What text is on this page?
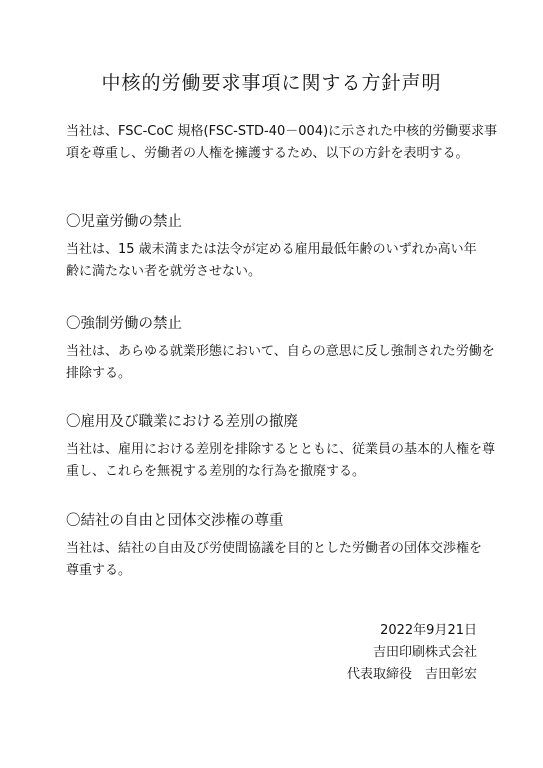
中核的労働要求事項に関する方針声明

当社は、FSC-CoC 規格(FSC-STD-40－004)に示された中核的労働要求事
項を尊重し、労働者の人権を擁護するため、以下の方針を表明する。

〇児童労働の禁止

当社は、15 歳未満または法令が定める雇用最低年齢のいずれか高い年
齢に満たない者を就労させない。

〇強制労働の禁止

当社は、あらゆる就業形態において、自らの意思に反し強制された労働を
排除する。

〇雇用及び職業における差別の撤廃

当社は、雇用における差別を排除するとともに、従業員の基本的人権を尊
重し、これらを無視する差別的な行為を撤廃する。

〇結社の自由と団体交渉権の尊重

当社は、結社の自由及び労使間協議を目的とした労働者の団体交渉権を
尊重する。

2022年9月21日
吉田印刷株式会社
代表取締役　吉田彰宏
